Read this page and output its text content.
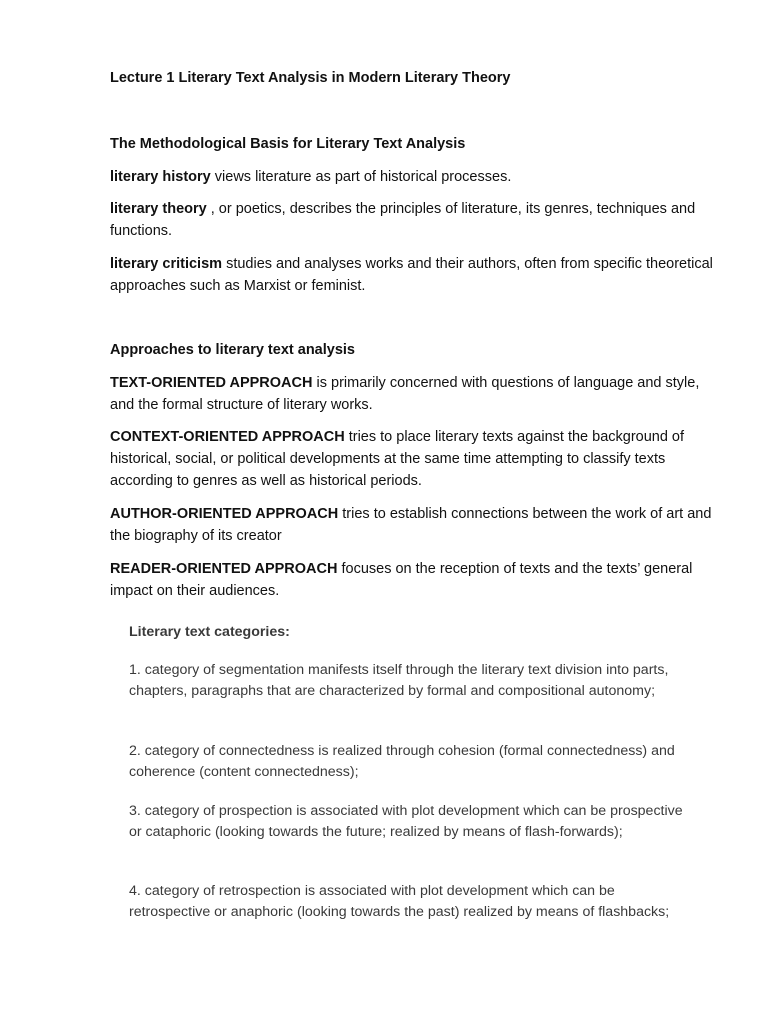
Lecture 1 Literary Text Analysis in Modern Literary Theory
The Methodological Basis for Literary Text Analysis
literary history views literature as part of historical processes.
literary theory , or poetics, describes the principles of literature, its genres, techniques and functions.
literary criticism studies and analyses works and their authors, often from specific theoretical approaches such as Marxist or feminist.
Approaches to literary text analysis
TEXT-ORIENTED APPROACH is primarily concerned with questions of language and style, and the formal structure of literary works.
CONTEXT-ORIENTED APPROACH tries to place literary texts against the background of historical, social, or political developments at the same time attempting to classify texts according to genres as well as historical periods.
AUTHOR-ORIENTED APPROACH tries to establish connections between the work of art and the biography of its creator
READER-ORIENTED APPROACH focuses on the reception of texts and the texts’ general impact on their audiences.
Literary text categories:
1. category of segmentation manifests itself through the literary text division into parts, chapters, paragraphs that are characterized by formal and compositional autonomy;
2. category of connectedness is realized through cohesion (formal connectedness) and coherence (content connectedness);
3. category of prospection is associated with plot development which can be prospective or cataphoric (looking towards the future; realized by means of flash-forwards);
4. category of retrospection is associated with plot development which can be retrospective or anaphoric (looking towards the past) realized by means of flashbacks;
